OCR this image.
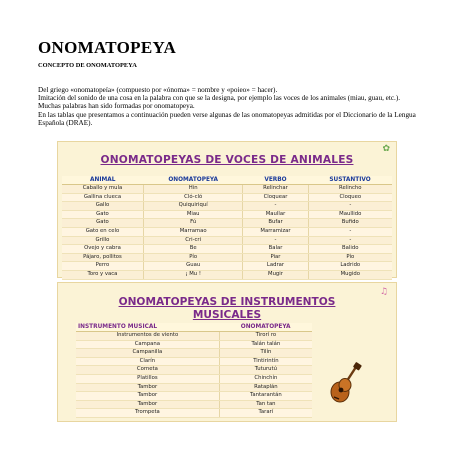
ONOMATOPEYA
CONCEPTO DE ONOMATOPEYA

Del griego «onomatopeía» (compuesto por «ónoma» = nombre y «poieo» = hacer).

Imitación del sonido de una cosa en la palabra con que se la designa, por ejemplo las voces de los animales (miau, guau, etc.).

Muchas palabras han sido formadas por onomatopeya.

En las tablas que presentamos a continuación pueden verse algunas de las onomatopeyas admitidas por el Diccionario de la Lengua Española (DRAE).

✿
ONOMATOPEYAS DE VOCES DE ANIMALES
ANIMAL	ONOMATOPEYA	VERBO	SUSTANTIVO
Caballo y mula	Hin	Relinchar	Relincho
Gallina clueca	Cló-cló	Cloquear	Cloqueo
Gallo	Quiquiriquí	-	-
Gato	Miau	Maullar	Maullido
Gato	Fú	Bufar	Bufido
Gato en celo	Marramao	Marramizar	-
Grillo	Cri-cri	-	-
Ovejo y cabra	Be	Balar	Balido
Pájaro, pollitos	Pío	Piar	Pío
Perro	Guau	Ladrar	Ladrido
Toro y vaca	¡ Mu !	Mugir	Mugido
♫
ONOMATOPEYAS DE INSTRUMENTOS
MUSICALES
INSTRUMENTO MUSICAL	ONOMATOPEYA
Instrumentos de viento	Tirorí ro
Campana	Talán talán
Campanilla	Tilín
Clarín	Tintirintín
Corneta	Tuturutú
Platillos	Chinchín
Tambor	Rataplán
Tambor	Tantarantán
Tambor	Tan tan
Trompeta	Tararí
